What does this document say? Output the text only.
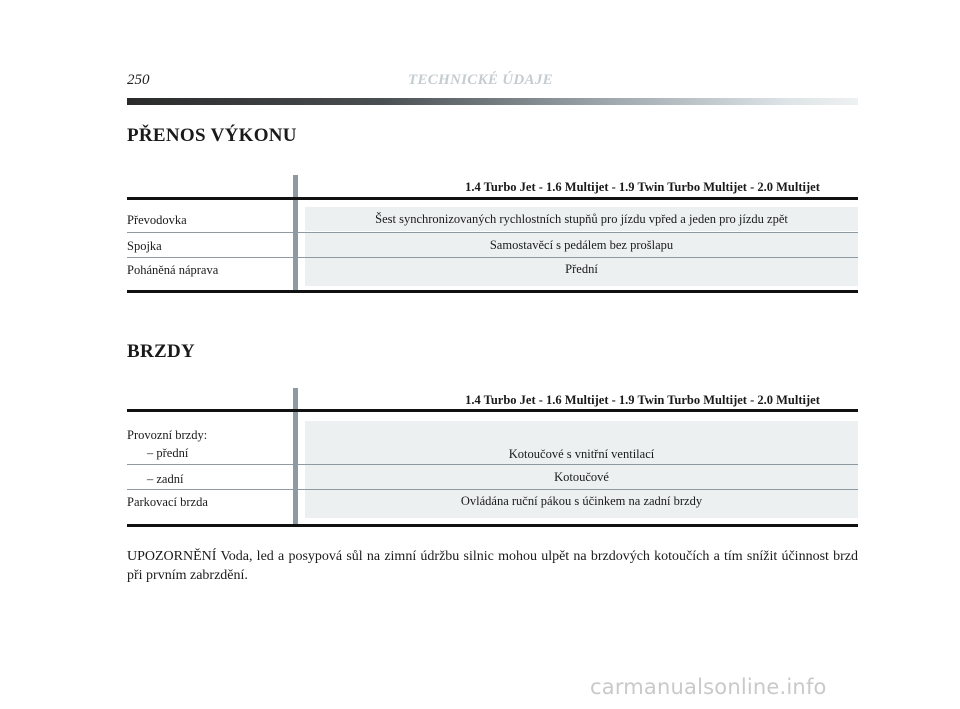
250	TECHNICKÉ ÚDAJE
PŘENOS VÝKONU
1.4 Turbo Jet - 1.6 Multijet - 1.9 Twin Turbo Multijet - 2.0 Multijet
Šest synchronizovaných rychlostních stupňů pro jízdu vpřed a jeden pro jízdu zpět
Převodovka
Samostavěcí s pedálem bez prošlapu
Spojka
Přední
Poháněná náprava
BRZDY
1.4 Turbo Jet - 1.6 Multijet - 1.9 Twin Turbo Multijet - 2.0 Multijet
Kotoučové s vnitřní ventilací
Provozní brzdy:
– přední
Kotoučové
– zadní
Ovládána ruční pákou s účinkem na zadní brzdy
Parkovací brzda
UPOZORNĚNÍ Voda, led a posypová sůl na zimní údržbu silnic mohou ulpět na brzdových kotoučích a tím snížit účinnost brzd při prvním zabrzdění.
carmanualsonline.info
